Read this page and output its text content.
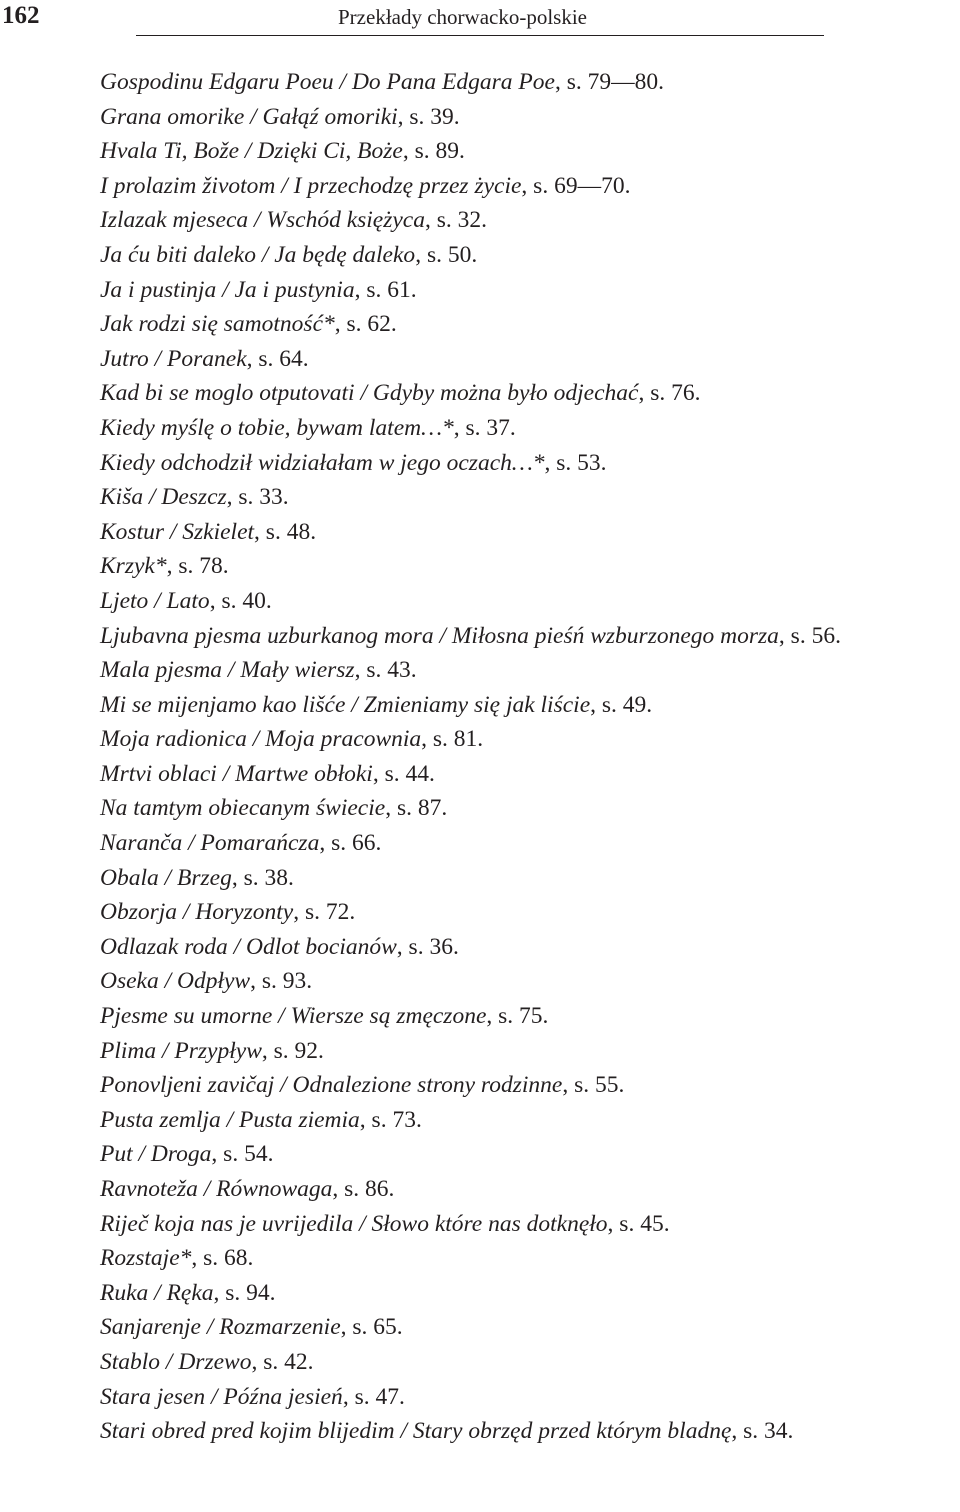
162	Przekłady chorwacko-polskie
Gospodinu Edgaru Poeu / Do Pana Edgara Poe, s. 79—80.
Grana omorike / Gałąź omoriki, s. 39.
Hvala Ti, Bože / Dzięki Ci, Boże, s. 89.
I prolazim životom / I przechodzę przez życie, s. 69—70.
Izlazak mjeseca / Wschód księżyca, s. 32.
Ja ću biti daleko / Ja będę daleko, s. 50.
Ja i pustinja / Ja i pustynia, s. 61.
Jak rodzi się samotność*, s. 62.
Jutro / Poranek, s. 64.
Kad bi se moglo otputovati / Gdyby można było odjechać, s. 76.
Kiedy myślę o tobie, bywam latem…*, s. 37.
Kiedy odchodził widziałałam w jego oczach…*, s. 53.
Kiša / Deszcz, s. 33.
Kostur / Szkielet, s. 48.
Krzyk*, s. 78.
Ljeto / Lato, s. 40.
Ljubavna pjesma uzburkanog mora / Miłosna pieśń wzburzonego morza, s. 56.
Mala pjesma / Mały wiersz, s. 43.
Mi se mijenjamo kao lišće / Zmieniamy się jak liście, s. 49.
Moja radionica / Moja pracownia, s. 81.
Mrtvi oblaci / Martwe obłoki, s. 44.
Na tamtym obiecanym świecie, s. 87.
Naranča / Pomarańcza, s. 66.
Obala / Brzeg, s. 38.
Obzorja / Horyzonty, s. 72.
Odlazak roda / Odlot bocianów, s. 36.
Oseka / Odpływ, s. 93.
Pjesme su umorne / Wiersze są zmęczone, s. 75.
Plima / Przypływ, s. 92.
Ponovljeni zavičaj / Odnalezione strony rodzinne, s. 55.
Pusta zemlja / Pusta ziemia, s. 73.
Put / Droga, s. 54.
Ravnoteža / Równowaga, s. 86.
Riječ koja nas je uvrijedila / Słowo które nas dotknęło, s. 45.
Rozstaje*, s. 68.
Ruka / Ręka, s. 94.
Sanjarenje / Rozmarzenie, s. 65.
Stablo / Drzewo, s. 42.
Stara jesen / Późna jesień, s. 47.
Stari obred pred kojim blijedim / Stary obrzęd przed którym bladnę, s. 34.
